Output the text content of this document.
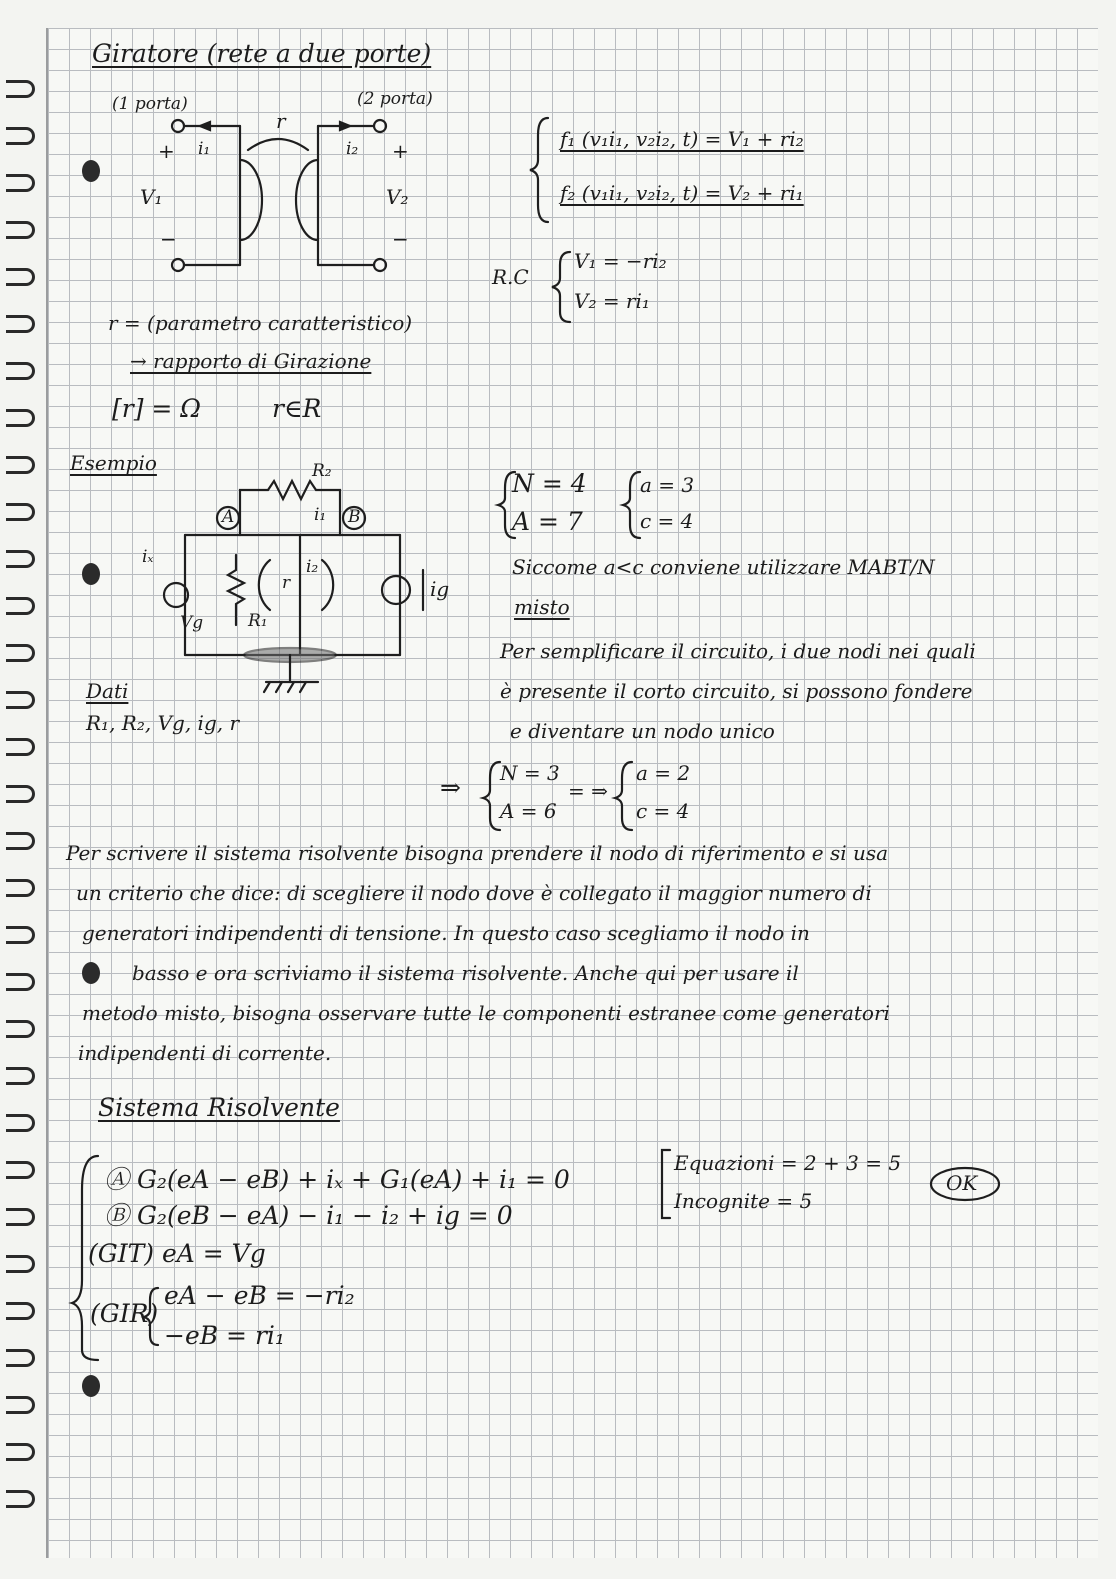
Giratore (rete a due porte)
(1 porta)	(2 porta)
i₁	i₂
r
+	+
V₁	V₂
−	−
f₁ (v₁i₁, v₂i₂, t) = V₁ + ri₂
f₂ (v₁i₁, v₂i₂, t) = V₂ + ri₁
R.C
V₁ = −ri₂
V₂ = ri₁
r = (parametro caratteristico)
→ rapporto di Girazione
[r] = Ω	r∈R
Esempio	R₂
A	B
i₁
iₓ	i₂
r
Vg	R₁
ig
Dati
R₁, R₂, Vg, ig, r
N = 4
A = 7
a = 3
c = 4
Siccome a<c conviene utilizzare MABT/N
misto
Per semplificare il circuito, i due nodi nei quali
è presente il corto circuito, si possono fondere
e diventare un nodo unico
⇒ N = 3
A = 6
= ⇒
a = 2
c = 4
Per scrivere il sistema risolvente bisogna prendere il nodo di riferimento e si usa
un criterio che dice: di scegliere il nodo dove è collegato il maggior numero di
generatori indipendenti di tensione. In questo caso scegliamo il nodo in
basso e ora scriviamo il sistema risolvente. Anche qui per usare il
metodo misto, bisogna osservare tutte le componenti estranee come generatori
indipendenti di corrente.
Sistema Risolvente
Ⓐ G₂(eA − eB) + iₓ + G₁(eA) + i₁ = 0
Ⓑ G₂(eB − eA) − i₁ − i₂ + ig = 0
(GIT) eA = Vg
(GIR)
eA − eB = −ri₂
−eB = ri₁
Equazioni = 2 + 3 = 5
Incognite = 5
OK
